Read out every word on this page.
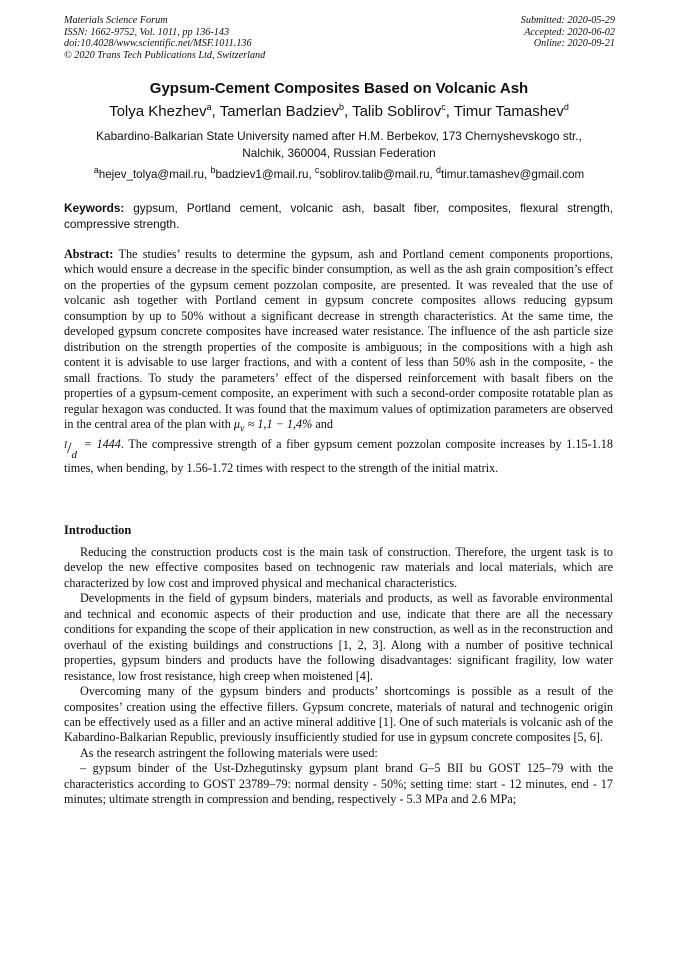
Materials Science Forum
ISSN: 1662-9752, Vol. 1011, pp 136-143
doi:10.4028/www.scientific.net/MSF.1011.136
© 2020 Trans Tech Publications Ltd, Switzerland
Submitted: 2020-05-29
Accepted: 2020-06-02
Online: 2020-09-21
Gypsum-Cement Composites Based on Volcanic Ash
Tolya Khezhev$^a$, Tamerlan Badziev$^b$, Talib Soblirov$^c$, Timur Tamashev$^d$
Kabardino-Balkarian State University named after H.M. Berbekov, 173 Chernyshevskogo str., Nalchik, 360004, Russian Federation
$^a$hejev_tolya@mail.ru, $^b$badziev1@mail.ru, $^c$soblirov.talib@mail.ru, $^d$timur.tamashev@gmail.com
Keywords: gypsum, Portland cement, volcanic ash, basalt fiber, composites, flexural strength, compressive strength.
Abstract: The studies’ results to determine the gypsum, ash and Portland cement components proportions, which would ensure a decrease in the specific binder consumption, as well as the ash grain composition’s effect on the properties of the gypsum cement pozzolan composite, are presented. It was revealed that the use of volcanic ash together with Portland cement in gypsum concrete composites allows reducing gypsum consumption by up to 50% without a significant decrease in strength characteristics. At the same time, the developed gypsum concrete composites have increased water resistance. The influence of the ash particle size distribution on the strength properties of the composite is ambiguous; in the compositions with a high ash content it is advisable to use larger fractions, and with a content of less than 50% ash in the composite, - the small fractions. To study the parameters’ effect of the dispersed reinforcement with basalt fibers on the properties of a gypsum-cement composite, an experiment with such a second-order composite rotatable plan as regular hexagon was conducted. It was found that the maximum values of optimization parameters are observed in the central area of the plan with $\mu_v \approx 1,1 - 1,4\%$ and
l/d = 1444. The compressive strength of a fiber gypsum cement pozzolan composite increases by 1.15-1.18 times, when bending, by 1.56-1.72 times with respect to the strength of the initial matrix.
Introduction

Reducing the construction products cost is the main task of construction. Therefore, the urgent task is to develop the new effective composites based on technogenic raw materials and local materials, which are characterized by low cost and improved physical and mechanical characteristics.

Developments in the field of gypsum binders, materials and products, as well as favorable environmental and technical and economic aspects of their production and use, indicate that there are all the necessary conditions for expanding the scope of their application in new construction, as well as in the reconstruction and overhaul of the existing buildings and constructions [1, 2, 3]. Along with a number of positive technical properties, gypsum binders and products have the following disadvantages: significant fragility, low water resistance, low frost resistance, high creep when moistened [4].

Overcoming many of the gypsum binders and products’ shortcomings is possible as a result of the composites’ creation using the effective fillers. Gypsum concrete, materials of natural and technogenic origin can be effectively used as a filler and an active mineral additive [1]. One of such materials is volcanic ash of the Kabardino-Balkarian Republic, previously insufficiently studied for use in gypsum concrete composites [5, 6].

As the research astringent the following materials were used:

– gypsum binder of the Ust-Dzhegutinsky gypsum plant brand G–5 BII bu GOST 125–79 with the characteristics according to GOST 23789–79: normal density - 50%; setting time: start - 12 minutes, end - 17 minutes; ultimate strength in compression and bending, respectively - 5.3 MPa and 2.6 MPa;
